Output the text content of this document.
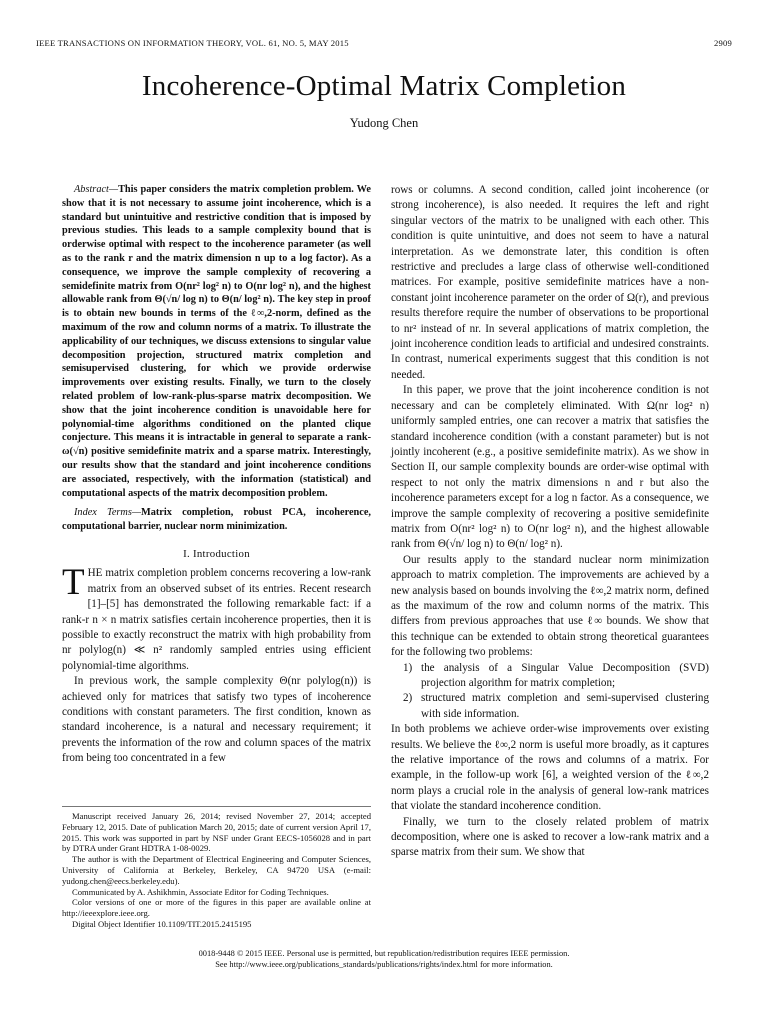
IEEE TRANSACTIONS ON INFORMATION THEORY, VOL. 61, NO. 5, MAY 2015	2909
Incoherence-Optimal Matrix Completion
Yudong Chen

Abstract—This paper considers the matrix completion problem. We show that it is not necessary to assume joint incoherence, which is a standard but unintuitive and restrictive condition that is imposed by previous studies. This leads to a sample complexity bound that is orderwise optimal with respect to the incoherence parameter (as well as to the rank r and the matrix dimension n up to a log factor). As a consequence, we improve the sample complexity of recovering a semidefinite matrix from O(nr² log² n) to O(nr log² n), and the highest allowable rank from Θ(√n/ log n) to Θ(n/ log² n). The key step in proof is to obtain new bounds in terms of the ℓ∞,2-norm, defined as the maximum of the row and column norms of a matrix. To illustrate the applicability of our techniques, we discuss extensions to singular value decomposition projection, structured matrix completion and semisupervised clustering, for which we provide orderwise improvements over existing results. Finally, we turn to the closely related problem of low-rank-plus-sparse matrix decomposition. We show that the joint incoherence condition is unavoidable here for polynomial-time algorithms conditioned on the planted clique conjecture. This means it is intractable in general to separate a rank-ω(√n) positive semidefinite matrix and a sparse matrix. Interestingly, our results show that the standard and joint incoherence conditions are associated, respectively, with the information (statistical) and computational aspects of the matrix decomposition problem.

Index Terms—Matrix completion, robust PCA, incoherence, computational barrier, nuclear norm minimization.

I. Introduction

THE matrix completion problem concerns recovering a low-rank matrix from an observed subset of its entries. Recent research [1]–[5] has demonstrated the following remarkable fact: if a rank-r n × n matrix satisfies certain incoherence properties, then it is possible to exactly reconstruct the matrix with high probability from nr polylog(n) ≪ n² randomly sampled entries using efficient polynomial-time algorithms.

In previous work, the sample complexity Θ(nr polylog(n)) is achieved only for matrices that satisfy two types of incoherence conditions with constant parameters. The first condition, known as standard incoherence, is a natural and necessary requirement; it prevents the information of the row and column spaces of the matrix from being too concentrated in a few

Manuscript received January 26, 2014; revised November 27, 2014; accepted February 12, 2015. Date of publication March 20, 2015; date of current version April 17, 2015. This work was supported in part by NSF under Grant EECS-1056028 and in part by DTRA under Grant HDTRA 1-08-0029.

The author is with the Department of Electrical Engineering and Computer Sciences, University of California at Berkeley, Berkeley, CA 94720 USA (e-mail: yudong.chen@eecs.berkeley.edu).

Communicated by A. Ashikhmin, Associate Editor for Coding Techniques.

Color versions of one or more of the figures in this paper are available online at http://ieeexplore.ieee.org.

Digital Object Identifier 10.1109/TIT.2015.2415195

rows or columns. A second condition, called joint incoherence (or strong incoherence), is also needed. It requires the left and right singular vectors of the matrix to be unaligned with each other. This condition is quite unintuitive, and does not seem to have a natural interpretation. As we demonstrate later, this condition is often restrictive and precludes a large class of otherwise well-conditioned matrices. For example, positive semidefinite matrices have a non-constant joint incoherence parameter on the order of Ω(r), and previous results therefore require the number of observations to be proportional to nr² instead of nr. In several applications of matrix completion, the joint incoherence condition leads to artificial and undesired constraints. In contrast, numerical experiments suggest that this condition is not needed.

In this paper, we prove that the joint incoherence condition is not necessary and can be completely eliminated. With Ω(nr log² n) uniformly sampled entries, one can recover a matrix that satisfies the standard incoherence condition (with a constant parameter) but is not jointly incoherent (e.g., a positive semidefinite matrix). As we show in Section II, our sample complexity bounds are order-wise optimal with respect to not only the matrix dimensions n and r but also the incoherence parameters except for a log n factor. As a consequence, we improve the sample complexity of recovering a positive semidefinite matrix from O(nr² log² n) to O(nr log² n), and the highest allowable rank from Θ(√n/ log n) to Θ(n/ log² n).

Our results apply to the standard nuclear norm minimization approach to matrix completion. The improvements are achieved by a new analysis based on bounds involving the ℓ∞,2 matrix norm, defined as the maximum of the row and column norms of the matrix. This differs from previous approaches that use ℓ∞ bounds. We show that this technique can be extended to obtain strong theoretical guarantees for the following two problems:

1) the analysis of a Singular Value Decomposition (SVD) projection algorithm for matrix completion;
2) structured matrix completion and semi-supervised clustering with side information.

In both problems we achieve order-wise improvements over existing results. We believe the ℓ∞,2 norm is useful more broadly, as it captures the relative importance of the rows and columns of a matrix. For example, in the follow-up work [6], a weighted version of the ℓ∞,2 norm plays a crucial role in the analysis of general low-rank matrices that violate the standard incoherence condition.

Finally, we turn to the closely related problem of matrix decomposition, where one is asked to recover a low-rank matrix and a sparse matrix from their sum. We show that

0018-9448 © 2015 IEEE. Personal use is permitted, but republication/redistribution requires IEEE permission.
See http://www.ieee.org/publications_standards/publications/rights/index.html for more information.
